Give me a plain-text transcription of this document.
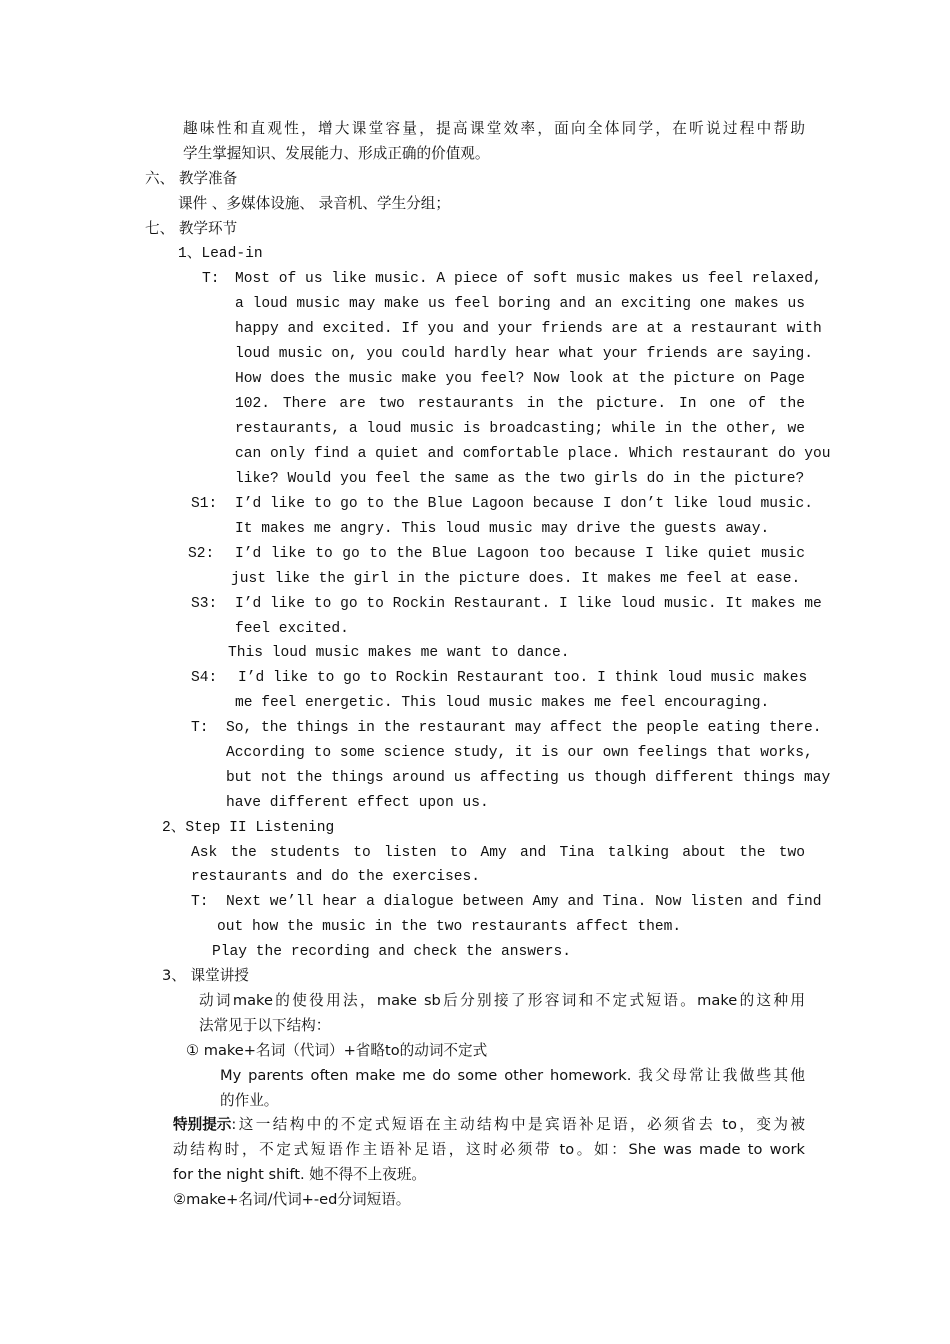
趣味性和直观性，增大课堂容量，提高课堂效率，面向全体同学，在听说过程中帮助
学生掌握知识、发展能力、形成正确的价值观。
六、 教学准备
课件 、多媒体设施、 录音机、学生分组；
七、 教学环节
1、Lead-in
T: Most of us like music. A piece of soft music makes us feel relaxed,
a loud music may make us feel boring and an exciting one makes us
happy and excited. If you and your friends are at a restaurant with
loud music on, you could hardly hear what your friends are saying.
How does the music make you feel? Now look at the picture on Page
102. There are two restaurants in the picture. In one of the
restaurants, a loud music is broadcasting; while in the other, we
can only find a quiet and comfortable place. Which restaurant do you
like? Would you feel the same as the two girls do in the picture?
S1: I’d like to go to the Blue Lagoon because I don’t like loud music.
It makes me angry. This loud music may drive the guests away.
S2: I’d like to go to the Blue Lagoon too because I like quiet music
just like the girl in the picture does. It makes me feel at ease.
S3: I’d like to go to Rockin Restaurant. I like loud music. It makes me
feel excited.
This loud music makes me want to dance.
S4: I’d like to go to Rockin Restaurant too. I think loud music makes
me feel energetic. This loud music makes me feel encouraging.
T: So, the things in the restaurant may affect the people eating there.
According to some science study, it is our own feelings that works,
but not the things around us affecting us though different things may
have different effect upon us.
2、Step II Listening
Ask the students to listen to Amy and Tina talking about the two
restaurants and do the exercises.
T: Next we’ll hear a dialogue between Amy and Tina. Now listen and find
out how the music in the two restaurants affect them.
Play the recording and check the answers.
3、 课堂讲授
动词make的使役用法，make sb后分别接了形容词和不定式短语。make的这种用
法常见于以下结构：
① make+名词（代词）+省略to的动词不定式
My parents often make me do some other homework. 我父母常让我做些其他
的作业。
特别提示 :这一结构中的不定式短语在主动结构中是宾语补足语，必须省去 to，变为被
动结构时，不定式短语作主语补足语，这时必须带 to。如：She was made to work
for the night shift. 她不得不上夜班。
②make+名词/代词+-ed分词短语。
